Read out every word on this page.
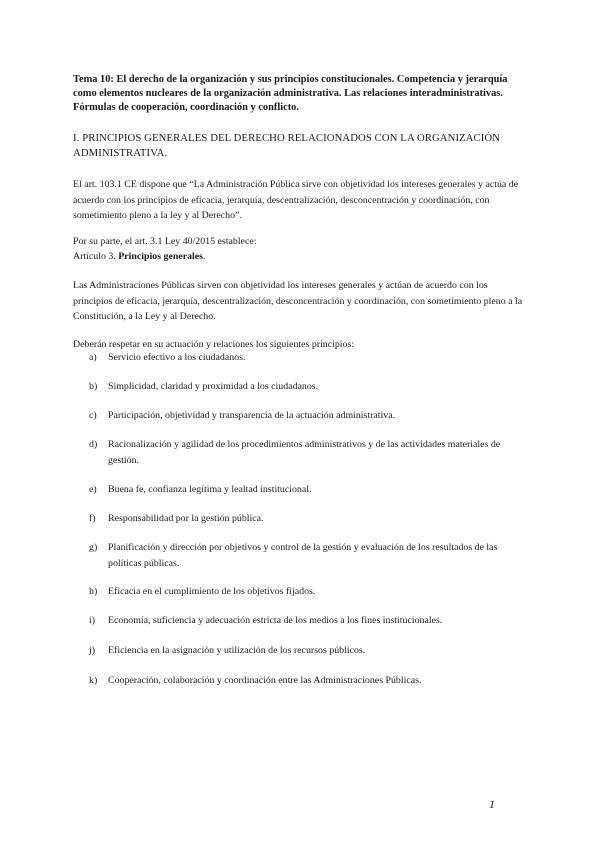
Tema 10: El derecho de la organización y sus principios constitucionales. Competencia y jerarquía como elementos nucleares de la organización administrativa. Las relaciones interadministrativas. Fórmulas de cooperación, coordinación y conflicto.

I. PRINCIPIOS GENERALES DEL DERECHO RELACIONADOS CON LA ORGANIZACIÓN ADMINISTRATIVA.

El art. 103.1 CE dispone que “La Administración Pública sirve con objetividad los intereses generales y actúa de acuerdo con los principios de eficacia, jerarquía, descentralización, desconcentración y coordinación, con sometimiento pleno a la ley y al Derecho”.

Por su parte, el art. 3.1 Ley 40/2015 establece:

Artículo 3. Principios generales.

Las Administraciones Públicas sirven con objetividad los intereses generales y actúan de acuerdo con los principios de eficacia, jerarquía, descentralización, desconcentración y coordinación, con sometimiento pleno a la Constitución, a la Ley y al Derecho.

Deberán respetar en su actuación y relaciones los siguientes principios:

a)	Servicio efectivo a los ciudadanos.
b)	Simplicidad, claridad y proximidad a los ciudadanos.
c)	Participación, objetividad y transparencia de la actuación administrativa.
d)	Racionalización y agilidad de los procedimientos administrativos y de las actividades materiales de gestión.
e)	Buena fe, confianza legítima y lealtad institucional.
f)	Responsabilidad por la gestión pública.
g)	Planificación y dirección por objetivos y control de la gestión y evaluación de los resultados de las políticas públicas.
h)	Eficacia en el cumplimiento de los objetivos fijados.
i)	Economía, suficiencia y adecuación estricta de los medios a los fines institucionales.
j)	Eficiencia en la asignación y utilización de los recursos públicos.
k)	Cooperación, colaboración y coordinación entre las Administraciones Públicas.
1
